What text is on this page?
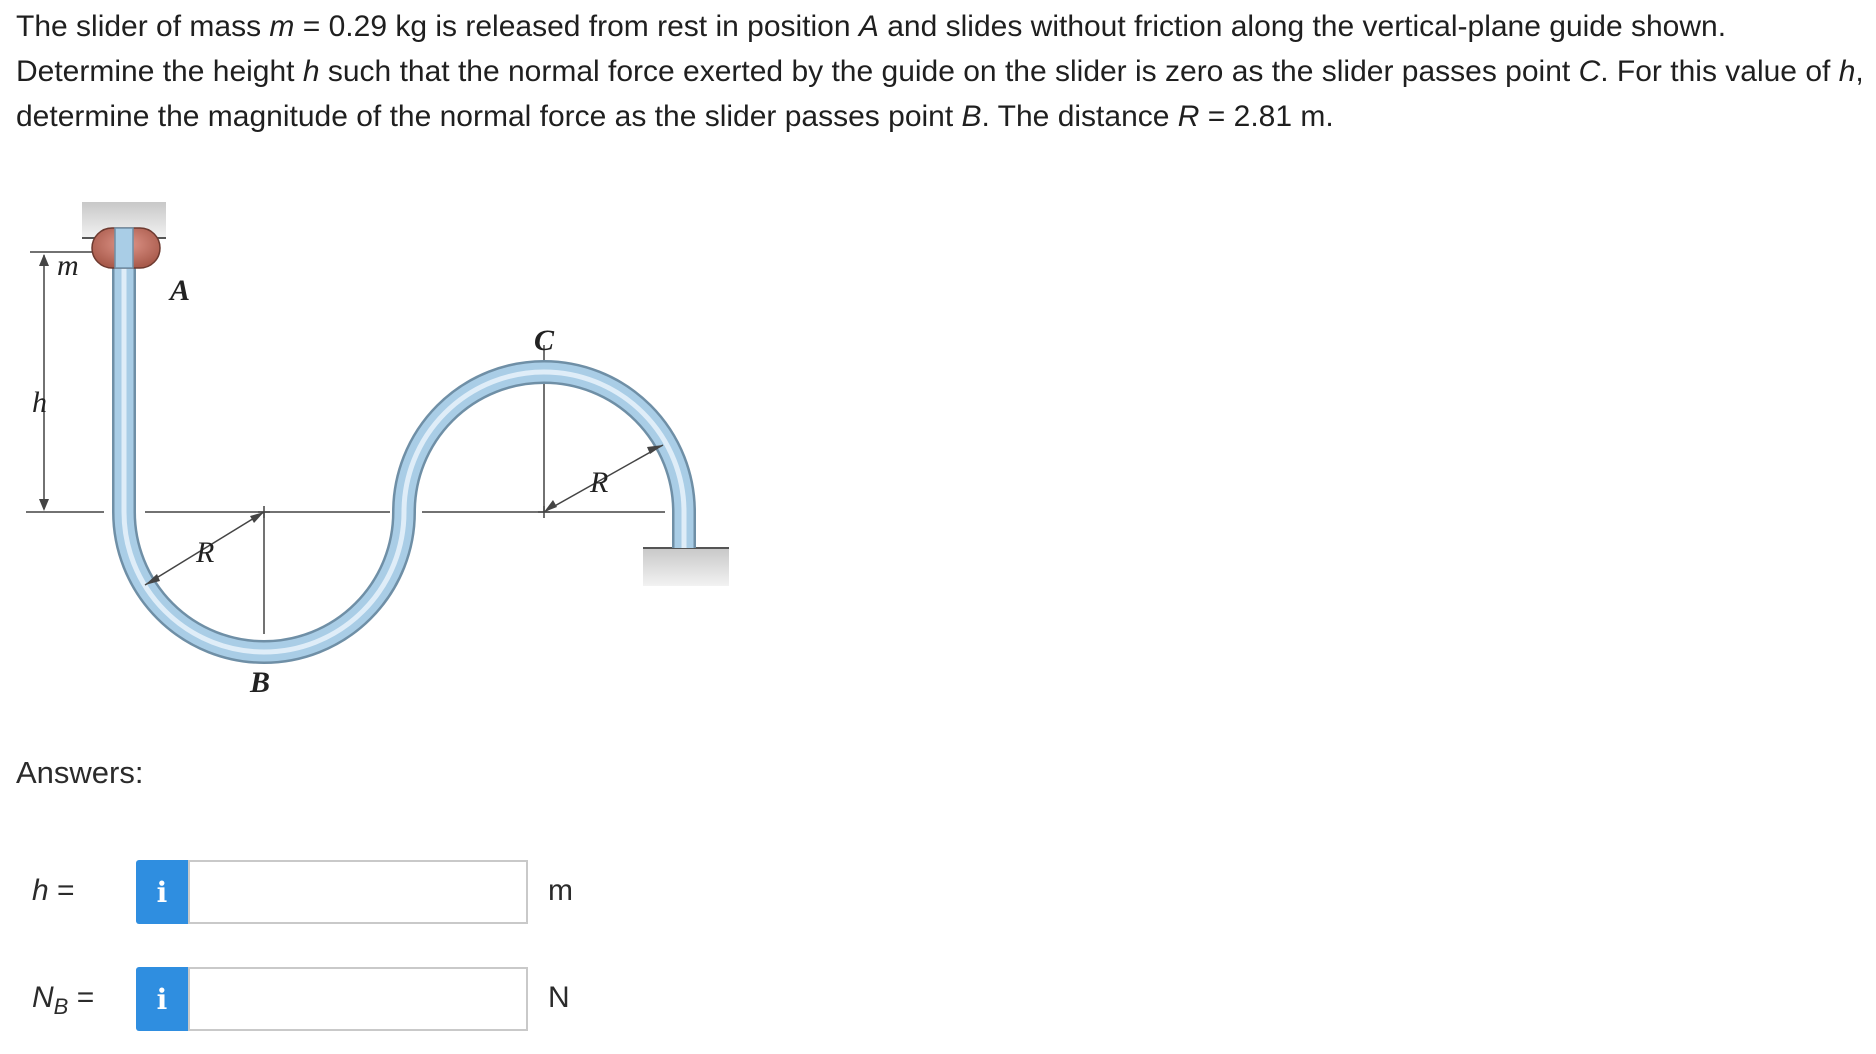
The slider of mass m = 0.29 kg is released from rest in position A and slides without friction along the vertical-plane guide shown. Determine the height h such that the normal force exerted by the guide on the slider is zero as the slider passes point C. For this value of h, determine the magnitude of the normal force as the slider passes point B. The distance R = 2.81 m.
m
A
h
C
B
R
R
Answers:
h =	i	m
$N_B$ =	i	N
